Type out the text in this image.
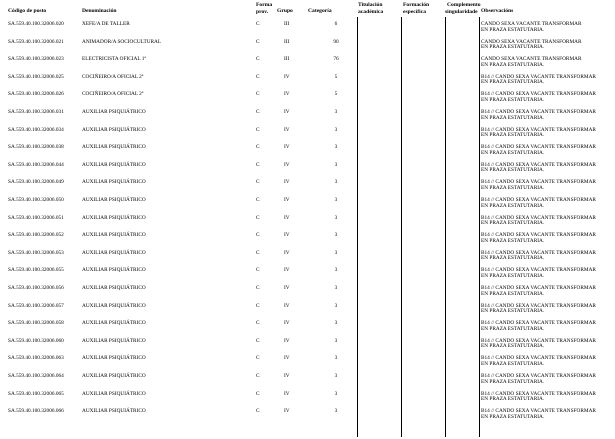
Código de posto	Denominación
Forma
prov. Grupo	Categoría
Titulación
académica
Formación
específica
Complemento
singularidade Observacións
SA.559.40.100.32006.020	XEFE/A DE TALLER	C	III	6	CANDO SEXA VACANTE TRANSFORMAR
EN PRAZA ESTATUTARIA.
SA.559.40.100.32006.021	ANIMADOR/A SOCIOCULTURAL	C	III	90	CANDO SEXA VACANTE TRANSFORMAR
EN PRAZA ESTATUTARIA.
SA.559.40.100.32006.023	ELECTRICISTA OFICIAL 1ª	C	III	76	CANDO SEXA VACANTE TRANSFORMAR
EN PRAZA ESTATUTARIA.
SA.559.40.100.32006.025	COCIÑEIRO/A OFICIAL 2ª	C	IV	5	B14 // CANDO SEXA VACANTE TRANSFORMAR
EN PRAZA ESTATUTARIA.
SA.559.40.100.32006.026	COCIÑEIRO/A OFICIAL 2ª	C	IV	5	B14 // CANDO SEXA VACANTE TRANSFORMAR
EN PRAZA ESTATUTARIA.
SA.559.40.100.32006.031	AUXILIAR PSIQUIÁTRICO	C	IV	3	B14 // CANDO SEXA VACANTE TRANSFORMAR
EN PRAZA ESTATUTARIA.
SA.559.40.100.32006.034	AUXILIAR PSIQUIÁTRICO	C	IV	3	B14 // CANDO SEXA VACANTE TRANSFORMAR
EN PRAZA ESTATUTARIA.
SA.559.40.100.32006.038	AUXILIAR PSIQUIÁTRICO	C	IV	3	B14 // CANDO SEXA VACANTE TRANSFORMAR
EN PRAZA ESTATUTARIA.
SA.559.40.100.32006.044	AUXILIAR PSIQUIÁTRICO	C	IV	3	B14 // CANDO SEXA VACANTE TRANSFORMAR
EN PRAZA ESTATUTARIA.
SA.559.40.100.32006.049	AUXILIAR PSIQUIÁTRICO	C	IV	3	B14 // CANDO SEXA VACANTE TRANSFORMAR
EN PRAZA ESTATUTARIA.
SA.559.40.100.32006.050	AUXILIAR PSIQUIÁTRICO	C	IV	3	B14 // CANDO SEXA VACANTE TRANSFORMAR
EN PRAZA ESTATUTARIA.
SA.559.40.100.32006.051	AUXILIAR PSIQUIÁTRICO	C	IV	3	B14 // CANDO SEXA VACANTE TRANSFORMAR
EN PRAZA ESTATUTARIA.
SA.559.40.100.32006.052	AUXILIAR PSIQUIÁTRICO	C	IV	3	B14 // CANDO SEXA VACANTE TRANSFORMAR
EN PRAZA ESTATUTARIA.
SA.559.40.100.32006.053	AUXILIAR PSIQUIÁTRICO	C	IV	3	B14 // CANDO SEXA VACANTE TRANSFORMAR
EN PRAZA ESTATUTARIA.
SA.559.40.100.32006.055	AUXILIAR PSIQUIÁTRICO	C	IV	3	B14 // CANDO SEXA VACANTE TRANSFORMAR
EN PRAZA ESTATUTARIA.
SA.559.40.100.32006.056	AUXILIAR PSIQUIÁTRICO	C	IV	3	B14 // CANDO SEXA VACANTE TRANSFORMAR
EN PRAZA ESTATUTARIA.
SA.559.40.100.32006.057	AUXILIAR PSIQUIÁTRICO	C	IV	3	B14 // CANDO SEXA VACANTE TRANSFORMAR
EN PRAZA ESTATUTARIA.
SA.559.40.100.32006.058	AUXILIAR PSIQUIÁTRICO	C	IV	3	B14 // CANDO SEXA VACANTE TRANSFORMAR
EN PRAZA ESTATUTARIA.
SA.559.40.100.32006.060	AUXILIAR PSIQUIÁTRICO	C	IV	3	B14 // CANDO SEXA VACANTE TRANSFORMAR
EN PRAZA ESTATUTARIA.
SA.559.40.100.32006.063	AUXILIAR PSIQUIÁTRICO	C	IV	3	B14 // CANDO SEXA VACANTE TRANSFORMAR
EN PRAZA ESTATUTARIA.
SA.559.40.100.32006.064	AUXILIAR PSIQUIÁTRICO	C	IV	3	B14 // CANDO SEXA VACANTE TRANSFORMAR
EN PRAZA ESTATUTARIA.
SA.559.40.100.32006.065	AUXILIAR PSIQUIÁTRICO	C	IV	3	B14 // CANDO SEXA VACANTE TRANSFORMAR
EN PRAZA ESTATUTARIA.
SA.559.40.100.32006.066	AUXILIAR PSIQUIÁTRICO	C	IV	3	B14 // CANDO SEXA VACANTE TRANSFORMAR
EN PRAZA ESTATUTARIA.
